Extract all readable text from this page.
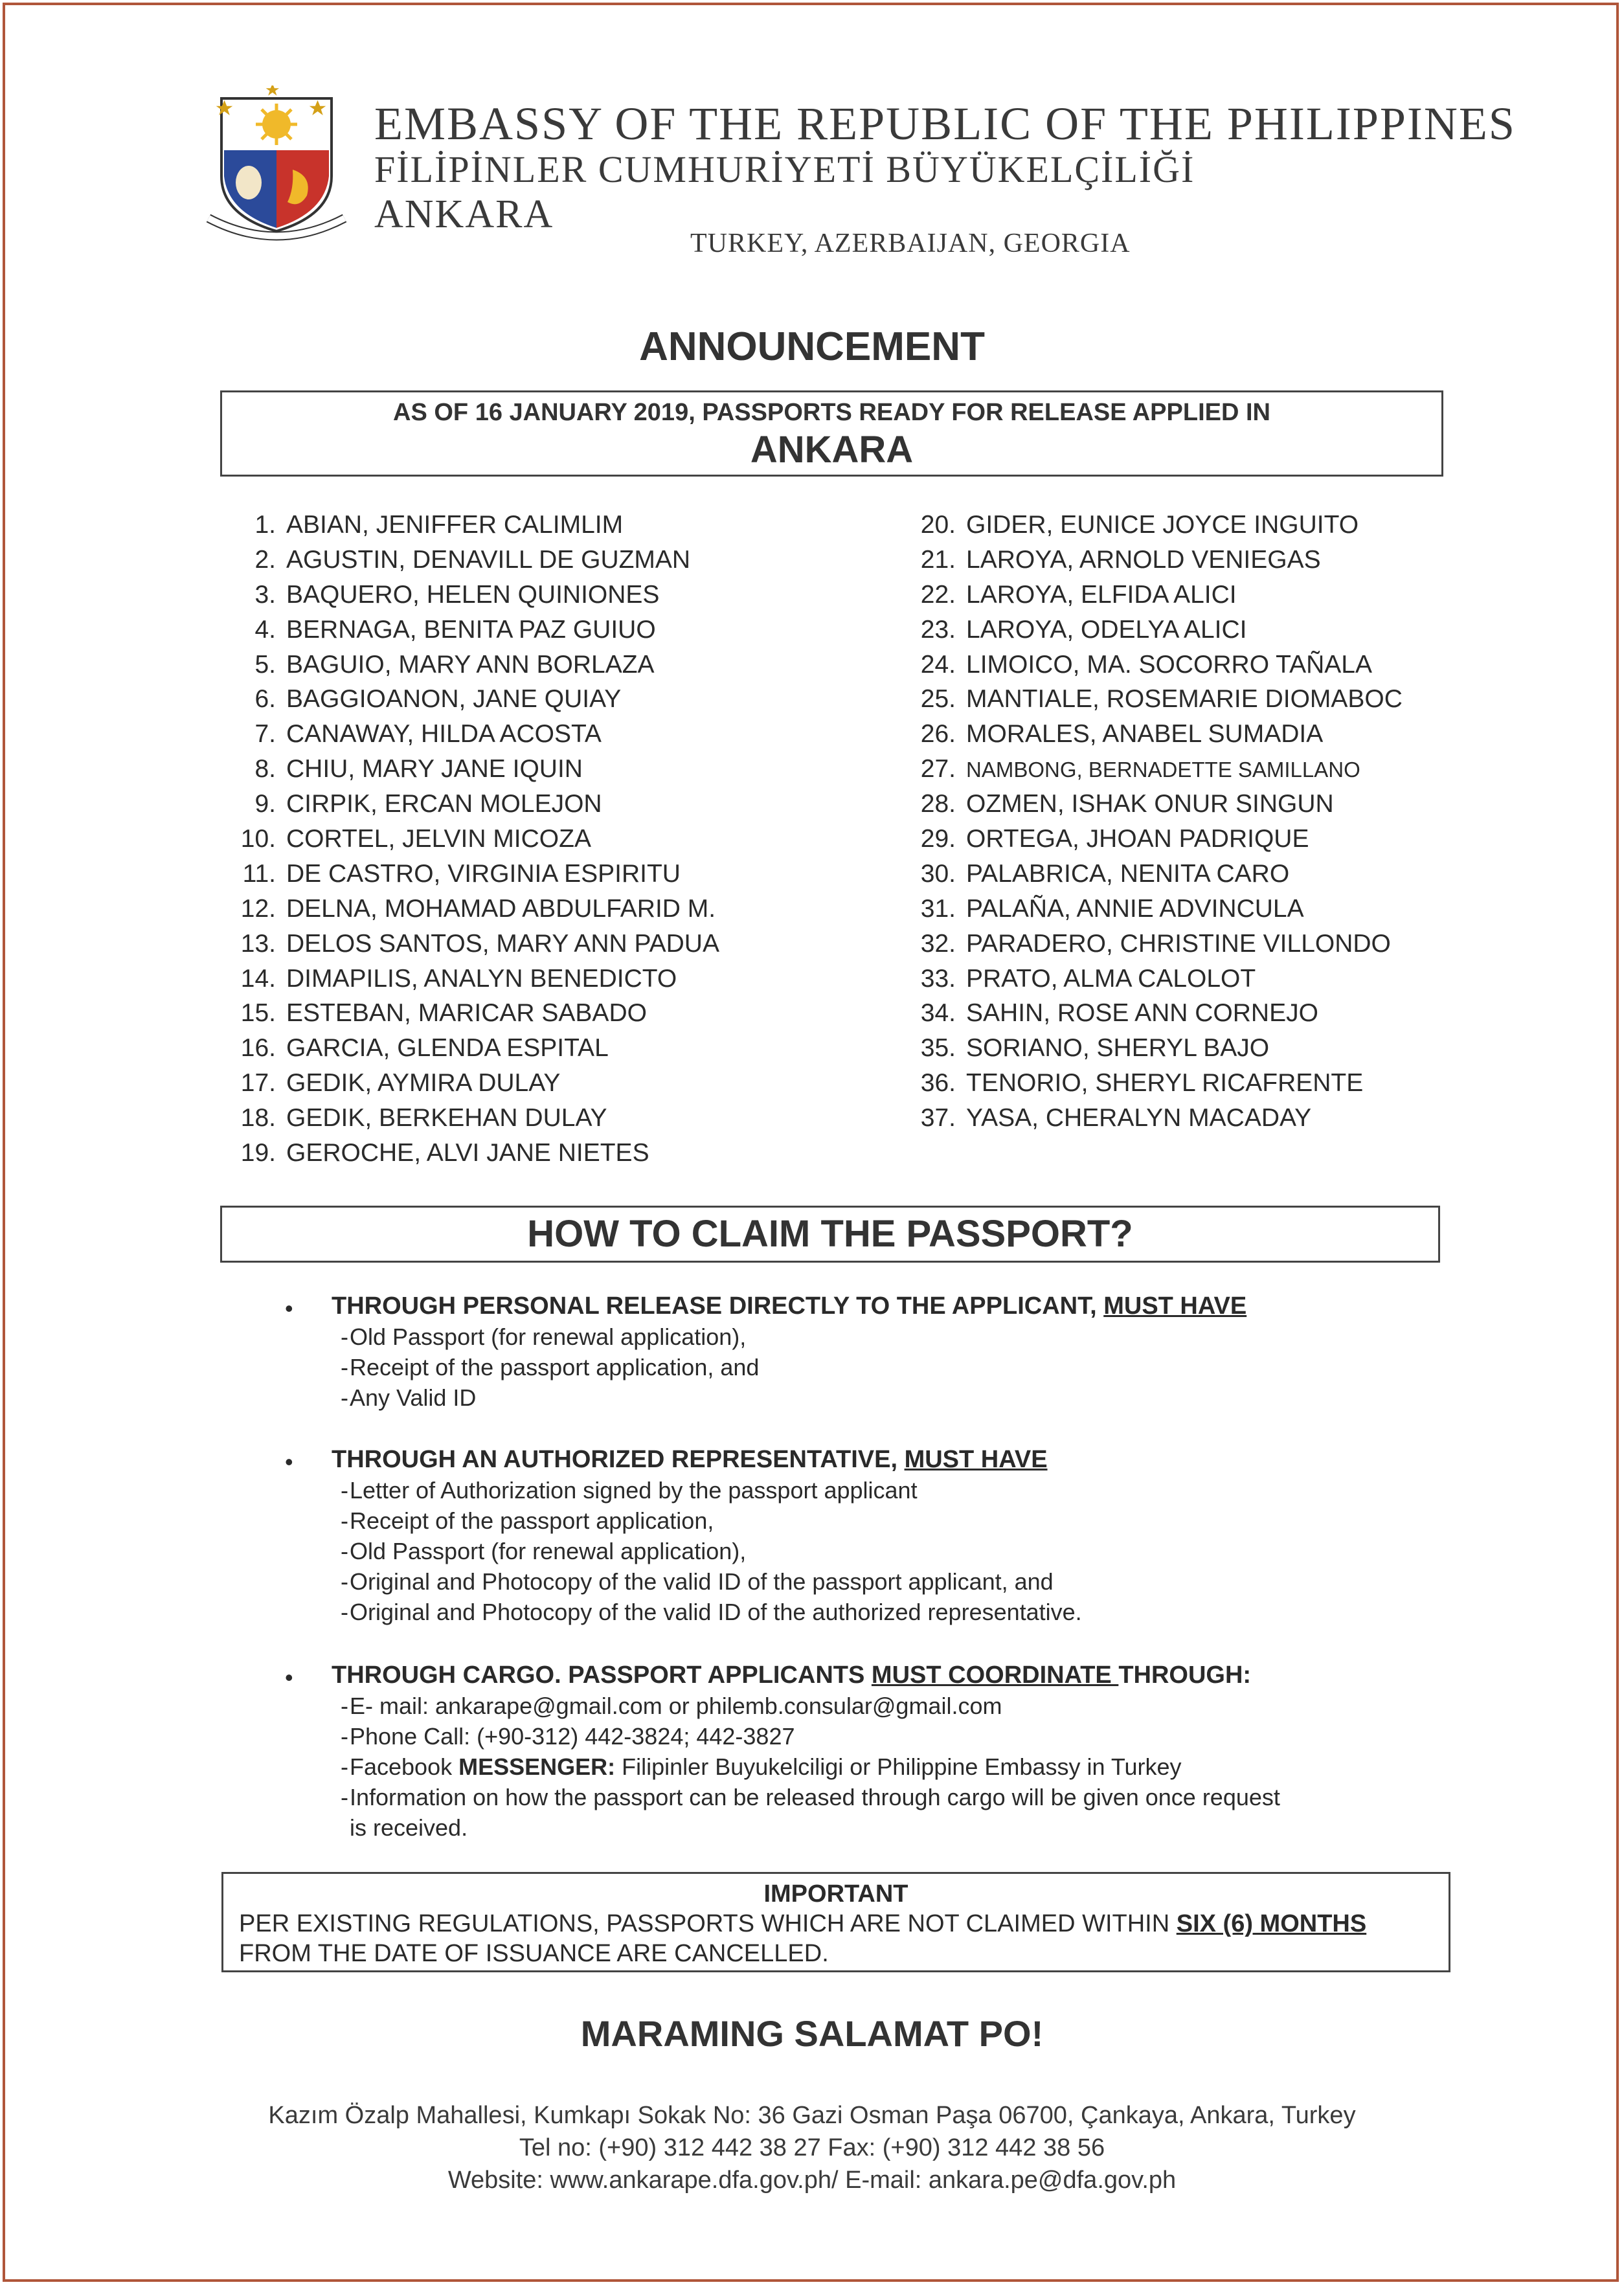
EMBASSY OF THE REPUBLIC OF THE PHILIPPINES
FİLİPİNLER CUMHURİYETİ BÜYÜKELÇİLİĞİ
ANKARA
TURKEY, AZERBAIJAN, GEORGIA
ANNOUNCEMENT
AS OF 16 JANUARY 2019, PASSPORTS READY FOR RELEASE APPLIED IN
ANKARA
1. ABIAN, JENIFFER CALIMLIM
2. AGUSTIN, DENAVILL DE GUZMAN
3. BAQUERO, HELEN QUINIONES
4. BERNAGA, BENITA PAZ GUIUO
5. BAGUIO, MARY ANN BORLAZA
6. BAGGIOANON, JANE QUIAY
7. CANAWAY, HILDA ACOSTA
8. CHIU, MARY JANE IQUIN
9. CIRPIK, ERCAN MOLEJON
10. CORTEL, JELVIN MICOZA
11. DE CASTRO, VIRGINIA ESPIRITU
12. DELNA, MOHAMAD ABDULFARID M.
13. DELOS SANTOS, MARY ANN PADUA
14. DIMAPILIS, ANALYN BENEDICTO
15. ESTEBAN, MARICAR SABADO
16. GARCIA, GLENDA ESPITAL
17. GEDIK, AYMIRA DULAY
18. GEDIK, BERKEHAN DULAY
19. GEROCHE, ALVI JANE NIETES
20. GIDER, EUNICE JOYCE INGUITO
21. LAROYA, ARNOLD VENIEGAS
22. LAROYA, ELFIDA ALICI
23. LAROYA, ODELYA ALICI
24. LIMOICO, MA. SOCORRO TAÑALA
25. MANTIALE, ROSEMARIE DIOMABOC
26. MORALES, ANABEL SUMADIA
27. NAMBONG, BERNADETTE SAMILLANO
28. OZMEN, ISHAK ONUR SINGUN
29. ORTEGA, JHOAN PADRIQUE
30. PALABRICA, NENITA CARO
31. PALAÑA, ANNIE ADVINCULA
32. PARADERO, CHRISTINE VILLONDO
33. PRATO, ALMA CALOLOT
34. SAHIN, ROSE ANN CORNEJO
35. SORIANO, SHERYL BAJO
36. TENORIO, SHERYL RICAFRENTE
37. YASA, CHERALYN MACADAY
HOW TO CLAIM THE PASSPORT?
• THROUGH PERSONAL RELEASE DIRECTLY TO THE APPLICANT, MUST HAVE
-Old Passport (for renewal application),
-Receipt of the passport application, and
-Any Valid ID
• THROUGH AN AUTHORIZED REPRESENTATIVE, MUST HAVE
-Letter of Authorization signed by the passport applicant
-Receipt of the passport application,
-Old Passport (for renewal application),
-Original and Photocopy of the valid ID of the passport applicant, and
-Original and Photocopy of the valid ID of the authorized representative.
• THROUGH CARGO. PASSPORT APPLICANTS MUST COORDINATE THROUGH:
-E- mail: ankarape@gmail.com or philemb.consular@gmail.com
-Phone Call: (+90-312) 442-3824; 442-3827
-Facebook MESSENGER: Filipinler Buyukelciligi or Philippine Embassy in Turkey
-Information on how the passport can be released through cargo will be given once request
is received.
IMPORTANT
PER EXISTING REGULATIONS, PASSPORTS WHICH ARE NOT CLAIMED WITHIN SIX (6) MONTHS
FROM THE DATE OF ISSUANCE ARE CANCELLED.
MARAMING SALAMAT PO!
Kazım Özalp Mahallesi, Kumkapı Sokak No: 36 Gazi Osman Paşa 06700, Çankaya, Ankara, Turkey
Tel no: (+90) 312 442 38 27 Fax: (+90) 312 442 38 56
Website: www.ankarape.dfa.gov.ph/ E-mail: ankara.pe@dfa.gov.ph
